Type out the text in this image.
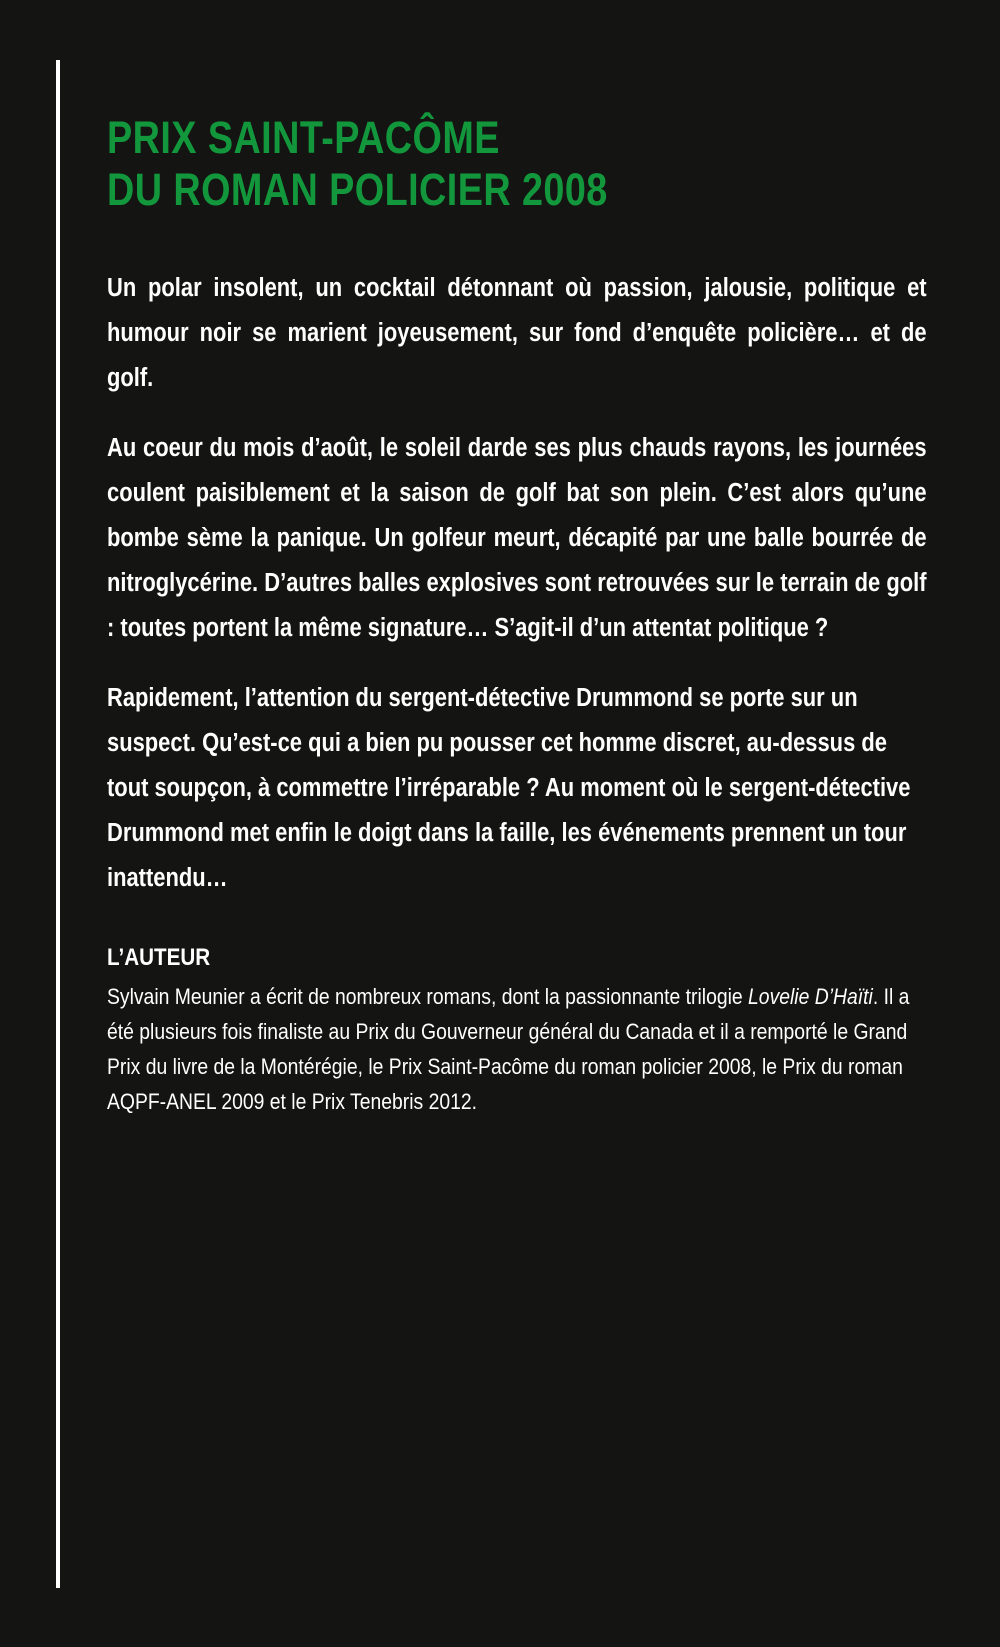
PRIX SAINT-PACÔME
DU ROMAN POLICIER 2008

Un polar insolent, un cocktail détonnant où passion, jalousie, politique et humour noir se marient joyeusement, sur fond d’enquête policière… et de golf.

Au coeur du mois d’août, le soleil darde ses plus chauds rayons, les journées coulent paisiblement et la saison de golf bat son plein. C’est alors qu’une bombe sème la panique. Un golfeur meurt, décapité par une balle bourrée de nitroglycérine. D’autres balles explosives sont retrouvées sur le terrain de golf : toutes portent la même signature… S’agit-il d’un attentat politique ?

Rapidement, l’attention du sergent-détective Drummond se porte sur un suspect. Qu’est-ce qui a bien pu pousser cet homme discret, au-dessus de tout soupçon, à commettre l’irréparable ? Au moment où le sergent-détective Drummond met enfin le doigt dans la faille, les événements prennent un tour inattendu…

L’AUTEUR

Sylvain Meunier a écrit de nombreux romans, dont la passionnante trilogie Lovelie D’Haïti. Il a été plusieurs fois finaliste au Prix du Gouverneur général du Canada et il a remporté le Grand Prix du livre de la Montérégie, le Prix Saint-Pacôme du roman policier 2008, le Prix du roman AQPF-ANEL 2009 et le Prix Tenebris 2012.
